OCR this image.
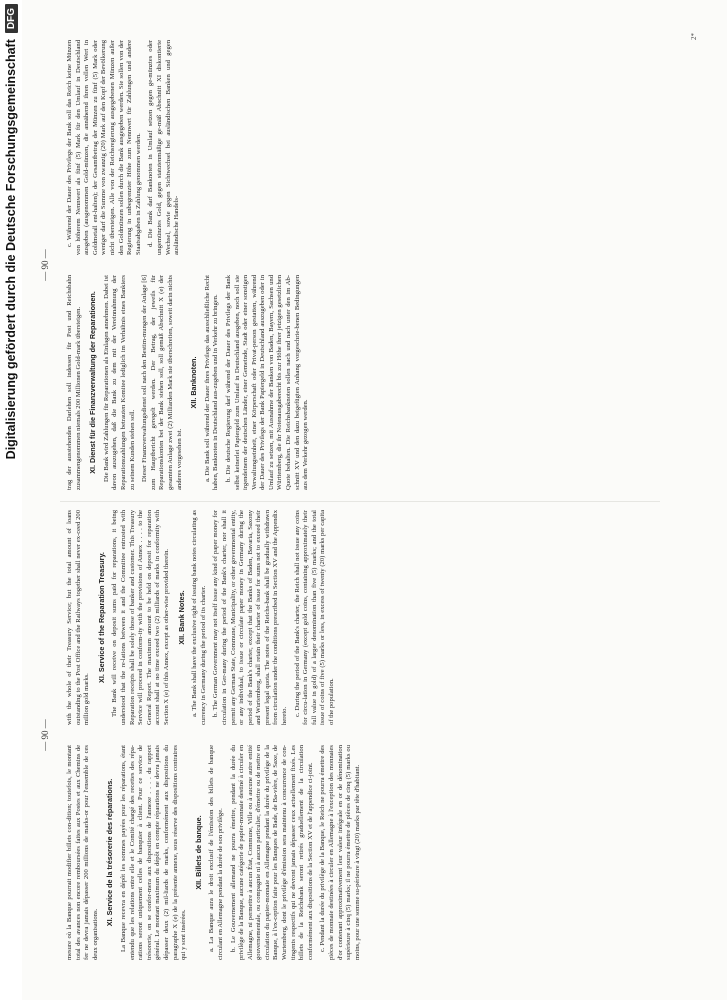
Digitalisierung gefördert durch die Deutsche Forschungsgemeinschaft
DFG
— 90 —

mesure où la Banque pourrait modifier billets con-dition; toutefois, le montant total des avances non encore remboursées faites aux Postes et aux Chemins de fer ne devra jamais dépasser 200 millions de marks-or pour l'ensemble de ces deux organisations.

XI. Service de la trésorerie des réparations. La Banque recevra en dépôt les sommes payées pour les réparations, étant entendu que les relations entre elle et le Comité chargé des recettes des répa-rations seront uniquement celles de banquier à client. Pour ce service de trésorerie, on se confor-mera aux dispositions de l'annexe . . . . du rapport général. Le montant maximum du dépôt en compte réparations ne devra jamais dépasser deux (2) mil-liards de marks, conformément aux dispositions du paragraphe X (e) de la présente annexe, sous réserve des dispositions contraires qui y sont insérées.

XII. Billets de banque. a. La Banque aura le droit exclusif de l'émission des billets de banque circulant en Allemagne pendant la durée de son privilège. b. Le Gouvernement allemand ne pourra émettre, pendant la durée du privilège de la Banque, aucune catégorie de papier-monnaie destiné à circuler en Allemagne, ni permettre à aucun État, Commune, Ville ou à aucune autre entité gouvernementale, ou compagnie ni à aucun particulier, d'émettre ou de mettre en circulation du papier-monnaie en Allemagne pendant la durée du privilège de la Banque, à l'ex-ception faite pour les Banques de Bade, de Ba-vière, de Saxe, de Wurtemberg, dont le privilège d'émission sera maintenu à concurrence de con-tingents respectifs qui ne devront jamais dépasser ceux actuellement fixés. Les billets de la Reichsbank seront retirés graduellement de la circulation conformément aux dispositions de la Section XV et de l'appendice ci-joint. c. Pendant la durée du privilège de la Banque, le Reich ne pourra émettre des pièces de monnaie destinées à circuler en Allemagne à l'exception des monnaies d'or contenant approximativement leur valeur intégrale en or de dénomination supérieure à cinq (5) marks; il ne pourra émettre de pièces de cinq (5) marks ou moins, pour une somme su-périeure à vingt (20) marks par tête d'habitant.

with the whole of their Treasury Service; but the total amount of loans outstanding to the Post Office and the Railways together shall never ex-ceed 200 million gold marks.

XI. Service of the Reparation Treasury. The Bank will receive on deposit sums paid for reparations, it being understood that the re-lations between it and the Committee entrusted with Reparation receipts shall be solely those of banker and customer. This Treasury Service will proceed in conform-ity with the provisions of Annex . . . . to the General Report. The maximum amount to be held on deposit for reparation account shall at no time exceed two (2) milliards of marks in conformity with Section X (e) of this Annex, except as other-wise provided therein. XII. Bank Notes. a. The Bank shall have the exclusive right of issuing bank notes circulating as currency in Germany during the period of its charter. b. The German Government may not itself issue any kind of paper money for circulation in Ger-many during the period of the Bank's charter, nor shall it permit any German State, Commune, Municipality, or other governmental entity, or any individual, to issue or circulate paper money in Germany during the period of the Bank's charter, except that the Banks of Baden, Bavaria, Saxony and Wurtemberg, shall retain their charter of issue for sums not to exceed their present legal quota. The notes of the Reichs-bank shall be gradually withdrawn from circulation under the conditions prescribed in Section XV and the Appendix hereto. c. During the period of the Bank's charter, the Reich shall not issue any coins for circu-lation in Germany (except gold coins, containing approximately their full value in gold) of a larger denomination than five (5) marks; and the total issue of coins of five (5) marks or less, in excess of twenty (20) marks per capita of the population.

— 90 —

trag der ausstehenden Darlehen soll indessen für Post und Reichsbahn zusammengenommen niemals 200 Millionen Gold-mark übersteigen. XI. Dienst für die Finanzverwaltung der Reparationen. Die Bank wird Zahlungen für Reparationen als Einlagen annehmen. Dabei ist davon auszugehen, daß die Bank zu dem mit der Vereinnahmung der Reparationszahlungen betrauten Komitee lediglich im Verhältnis eines Bankiers zu seinem Kunden stehen soll. Dieser Finanzverwaltungsdienst soll nach den Bestim-mungen der Anlage [6] zum Hauptbericht geregelt werden. Der Betrag, der jeweils für Reparationskonten bei der Bank stehen soll, soll gemäß Abschnitt X (e) der gesamten Anlage zwei (2) Milliarden Mark nie überschreiten, soweit darin nichts anderes vorgesehen ist.

XII. Banknoten. a. Die Bank soll während der Dauer ihres Privilegs das ausschließliche Recht haben, Banknoten in Deutschland aus-zugeben und in Verkehr zu bringen. b. Die deutsche Regierung darf während der Dauer des Privilegs der Bank selbst keinerlei Papiergeld zum Umlauf in Deutschland ausgeben, noch soll sie irgendeinem der deutschen Länder, einer Gemeinde, Stadt oder einer sonstigen Verwaltungseinheit, einer Körperschaft oder Privat-person gestatten, während der Dauer des Privilegs der Bank Papiergeld in Deutschland auszugeben oder in Umlauf zu setzen, mit Ausnahme der Banken von Baden, Bayern, Sachsen und Württemberg, die ihr Notenausgaberecht bis zur Höhe ihrer jetzigen gesetzlichen Quote behalten. Die Reichsbanknoten sollen nach und nach unter den im Ab-schnitt XV und den dazu beigefügten Anhang vorgeschrie-benen Bedingungen aus dem Verkehr gezogen werden.

c. Während der Dauer des Privilegs der Bank soll das Reich keine Münzen von höherem Nennwert als fünf (5) Mark für den Umlauf in Deutschland ausgeben (ausgenommen Gold-münzen, die annähernd ihren vollen Wert in Goldmetall ent-halten); der Gesamtbetrag der Münzen zu fünf (5) Mark oder weniger darf die Summe von zwanzig (20) Mark auf den Kopf der Bevölkerung nicht übersteigen. Alle von der Reichsregierung ausgegebenen Münzen außer den Goldmünzen sollen durch die Bank ausgegeben werden. Sie sollen von der Regierung in unbegrenzter Höhe zum Nennwert für Zahlungen und andere Staatsabgaben in Zahlung genommen werden. d. Die Bank darf Banknoten in Umlauf setzen gegen ge-münztes oder ungemünztes Gold, gegen statutenmäßige ge-mäß Abschnitt XI diskontierte Wechsel, sowie gegen Sichtwechsel bei ausländischen Banken und gegen ausländische Handels-

2*
